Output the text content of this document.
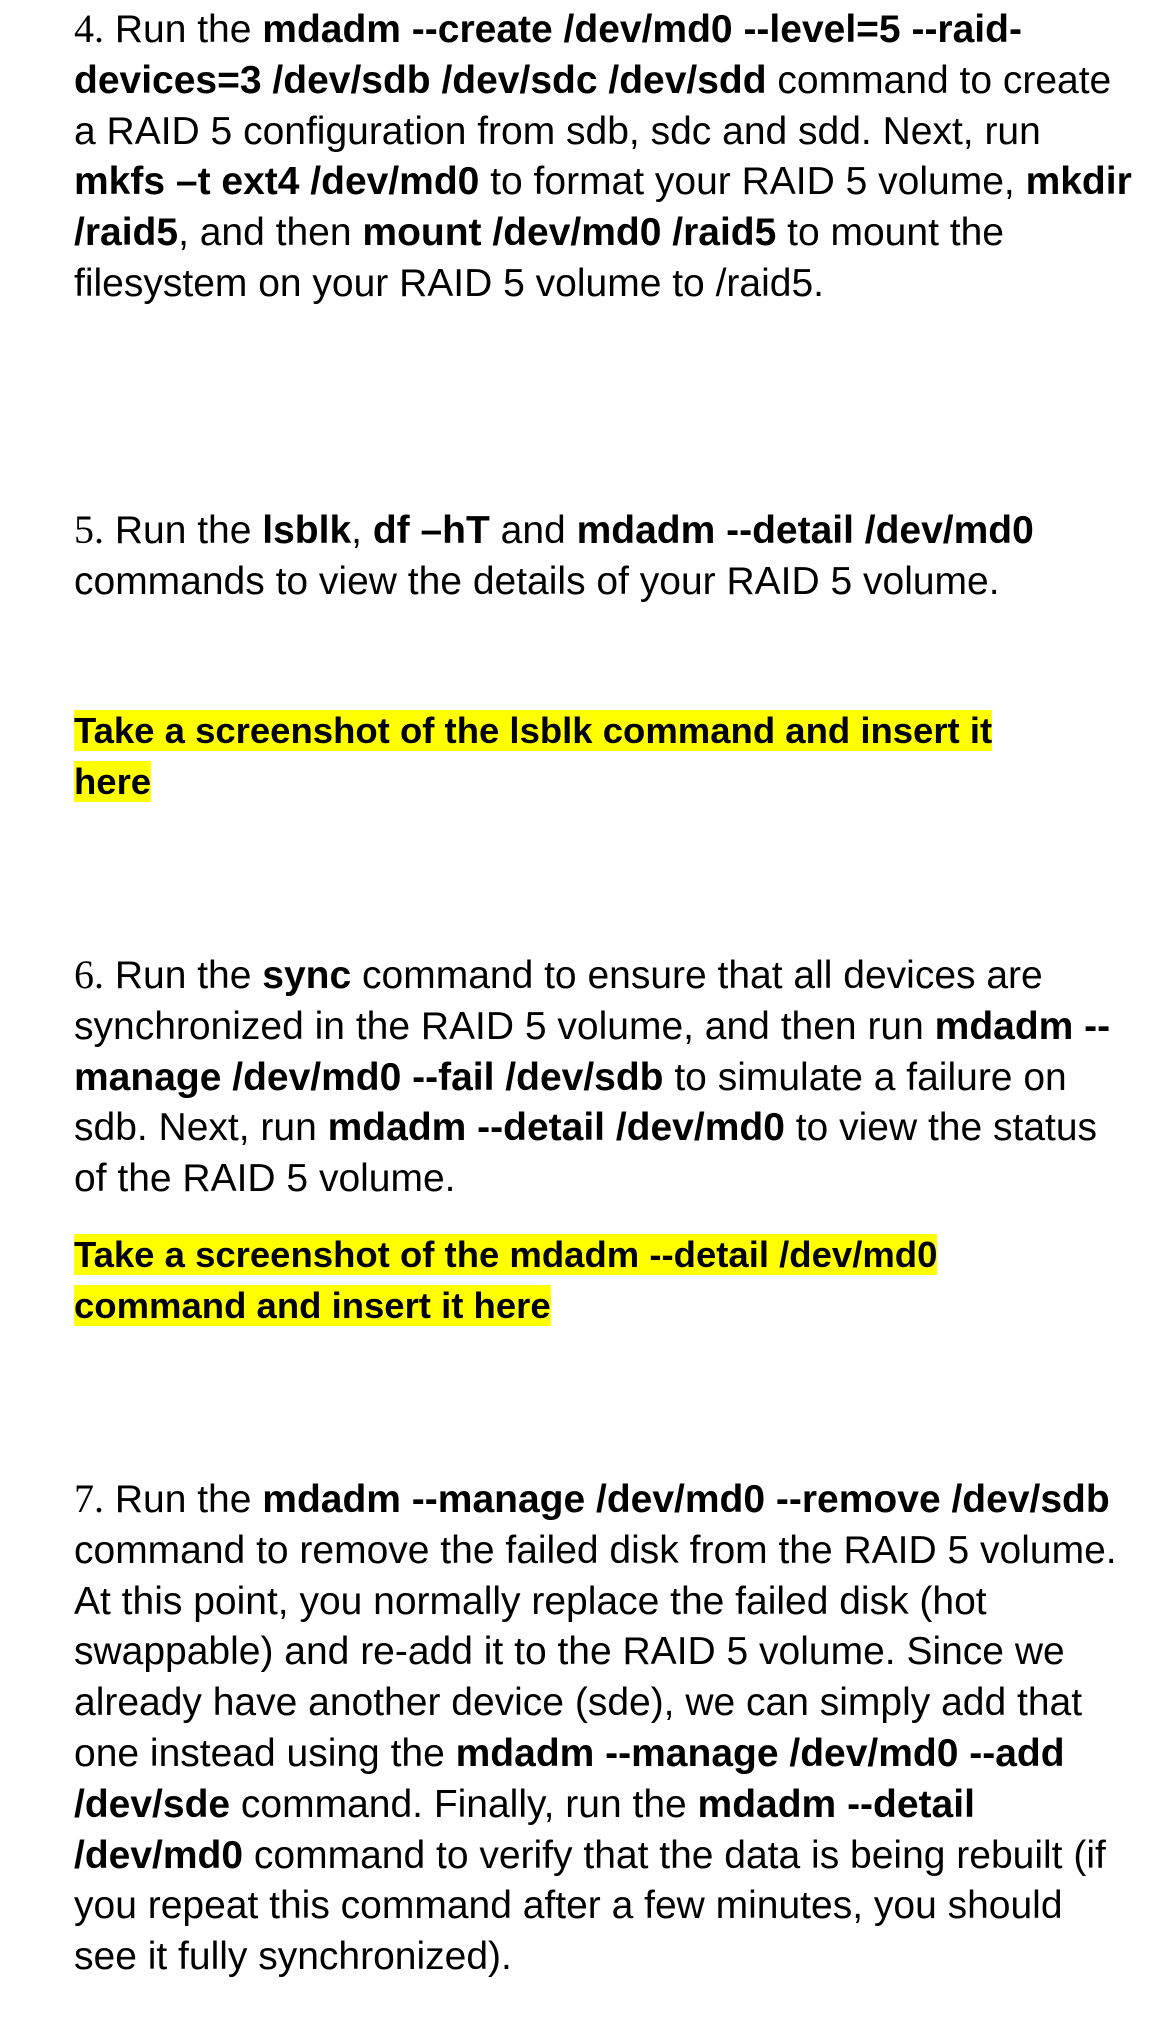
4. Run the mdadm --create /dev/md0 --level=5 --raid-devices=3 /dev/sdb /dev/sdc /dev/sdd command to create a RAID 5 configuration from sdb, sdc and sdd. Next, run mkfs –t ext4 /dev/md0 to format your RAID 5 volume, mkdir /raid5, and then mount /dev/md0 /raid5 to mount the filesystem on your RAID 5 volume to /raid5.

5. Run the lsblk, df –hT and mdadm --detail /dev/md0 commands to view the details of your RAID 5 volume.

Take a screenshot of the lsblk command and insert it
here

6. Run the sync command to ensure that all devices are synchronized in the RAID 5 volume, and then run mdadm --manage /dev/md0 --fail /dev/sdb to simulate a failure on sdb. Next, run mdadm --detail /dev/md0 to view the status of the RAID 5 volume.

Take a screenshot of the mdadm --detail /dev/md0
command and insert it here

7. Run the mdadm --manage /dev/md0 --remove /dev/sdb command to remove the failed disk from the RAID 5 volume. At this point, you normally replace the failed disk (hot swappable) and re-add it to the RAID 5 volume. Since we already have another device (sde), we can simply add that one instead using the mdadm --manage /dev/md0 --add /dev/sde command. Finally, run the mdadm --detail /dev/md0 command to verify that the data is being rebuilt (if you repeat this command after a few minutes, you should see it fully synchronized).
